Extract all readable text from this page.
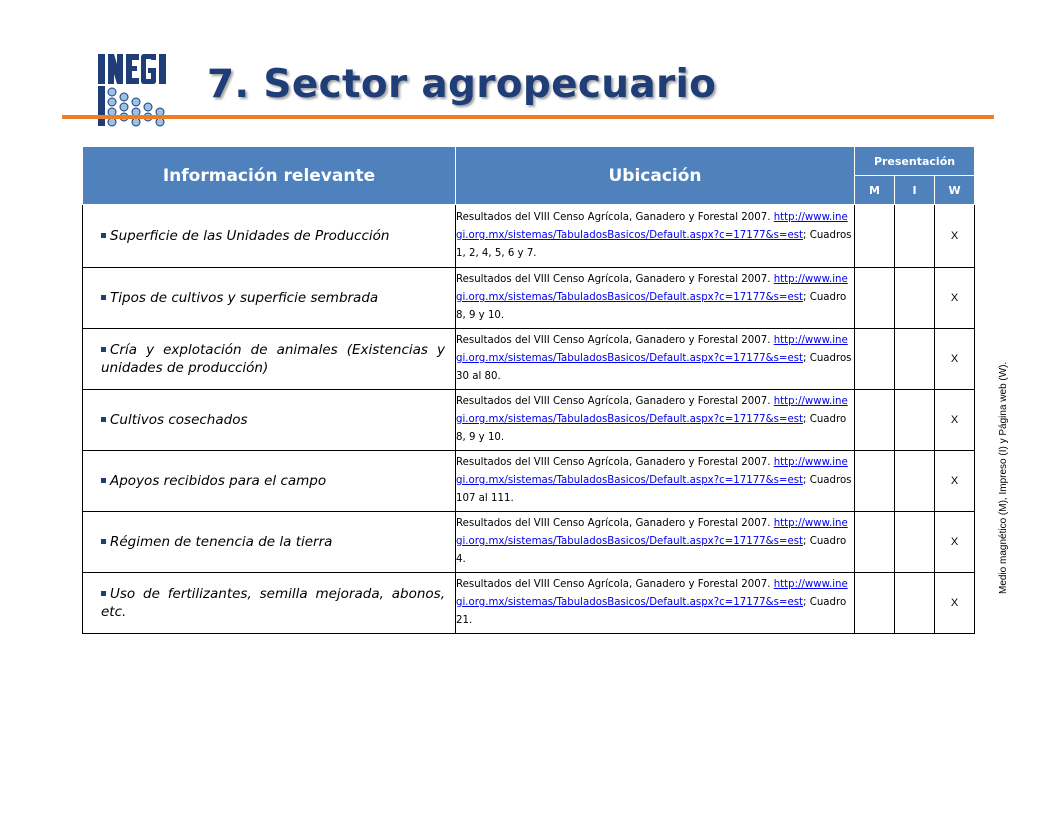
7. Sector agropecuario
Información relevante	Ubicación	Presentación		
		M	I	W

Superficie de las Unidades de Producción	Resultados del VIII Censo Agrícola, Ganadero y Forestal 2007. http://www.inegi.org.mx/sistemas/TabuladosBasicos/Default.aspx?c=17177&s=est; Cuadros 1, 2, 4, 5, 6 y 7.			X

Tipos de cultivos y superficie sembrada	Resultados del VIII Censo Agrícola, Ganadero y Forestal 2007. http://www.inegi.org.mx/sistemas/TabuladosBasicos/Default.aspx?c=17177&s=est; Cuadro 8, 9 y 10.			X

Cría y explotación de animales (Existencias y unidades de producción)	Resultados del VIII Censo Agrícola, Ganadero y Forestal 2007. http://www.inegi.org.mx/sistemas/TabuladosBasicos/Default.aspx?c=17177&s=est; Cuadros 30 al 80.			X

Cultivos cosechados	Resultados del VIII Censo Agrícola, Ganadero y Forestal 2007. http://www.inegi.org.mx/sistemas/TabuladosBasicos/Default.aspx?c=17177&s=est; Cuadro 8, 9 y 10.			X

Apoyos recibidos para el campo	Resultados del VIII Censo Agrícola, Ganadero y Forestal 2007. http://www.inegi.org.mx/sistemas/TabuladosBasicos/Default.aspx?c=17177&s=est; Cuadros 107 al 111.			X

Régimen de tenencia de la tierra	Resultados del VIII Censo Agrícola, Ganadero y Forestal 2007. http://www.inegi.org.mx/sistemas/TabuladosBasicos/Default.aspx?c=17177&s=est; Cuadro 4.			X

Uso de fertilizantes, semilla mejorada, abonos, etc.	Resultados del VIII Censo Agrícola, Ganadero y Forestal 2007. http://www.inegi.org.mx/sistemas/TabuladosBasicos/Default.aspx?c=17177&s=est; Cuadro 21.			X
Medio magnético (M), Impreso (I) y Página web (W).
